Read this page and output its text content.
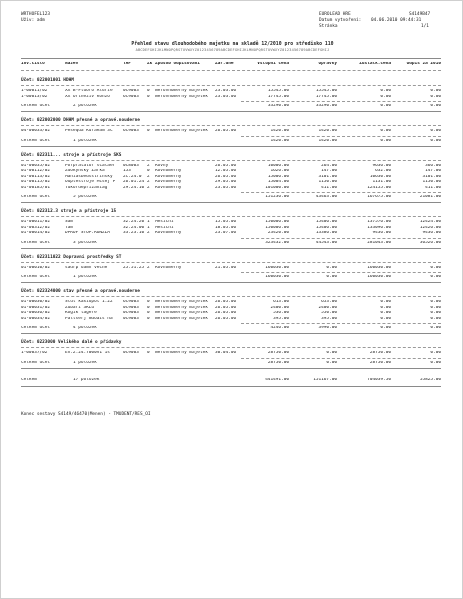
WRTHOFEL123
Uživ: adm
EUROLEAD HRE	S4149B47
Datum vytvoření: 04.06.2010 09:44:31
Stránka	1/1
Přehled stavu dlouhodobého majetku na skladě 12/2010 pro středisko 110
ABCDEFGHIJKLMNOPQRSTUVWXYZ0123456789ABCDEFGHIJKLMNOPQRSTUVWXYZ0123456789ABCDEFGHIJ
Inv.číslo	Název	TAP	Zk Způsob odpisování	Zař.dne	Vstupní cena	Oprávky	Zůstatk.cena	Odpis za 2010
Účet: 022001001 HDHM
1-00011/02	XX B-Fluoro Aldrie	0C9003	0	Nerovnoměrný majetek	23.03.06	15545.00	15545.00	0.00	0.00
1-00013/02	XX Ortheziv konzo	6C9003	0	Nerovnoměrný majetek	23.03.06	17745.00	17745.00	0.00	0.00
Celkem účet	2 položek	33290.00	33290.00	0.00	0.00
Účet: 022002000 DHHM přesné a opravé.nouderne
04-00033/02	Pesequa Kuraeam 3C	6C9003	0	Nerovnoměrný majetek	26.05.06	1420.00	1420.00	0.00	0.00
Celkem účet	1 položek	1420.00	1420.00	0.00	0.00
Účet: 022311... stroje a přístroje SKS
01-00035/02	Porpratator scalaer	0C8003	2	Rovný	26.05.06	10006.00	264.00	9636.00	366.00
01-00112/02	Zdokynský Zárka	153	0	Rovnoměrný	12.05.06	1626.00	147.00	632.00	147.00
01-00113/02	Maniasbedsstrinsky	2C.24.0	2	Rovnoměrný	26.05.06	15006.00	3101.00	10630.00	3101.00
01-00115/02	Ouplestroje Mcsej P	26.01.24 2	Rovnoměrný	29.05.06	15004.00	1150.00	1131.00	1150.00
01-00185/01	Tukordeprizaniag	29.24.10 2	Rovnoměrný	23.05.06	101000.00	411.00	124155.00	411.00
Celkem účet	5 položek	151236.00	43463.00	167675.00	21081.00
Účet: 022312.3 stroje a přístroje 15
01-00011/02	Sam	32.24.20 1	Měsíční	15.05.06	150006.00	15406.00	137576.00	12424.00
01-00312/02	Tam	32.24.00 1	Měsíční	18.05.06	150006.00	15406.00	133096.00	12426.00
01-00014/02	DPROF STOP.RUNZLA	33.23.10 2	Rovnoměrný	23.07.06	23420.00	13386.00	9436.00	9436.00
Celkem účet	3 položek	323432.00	44543.00	281043.00	36526.00
Účet: 022311022 Dopravní prostředky ST
01-00010/02	sádrp oamn věcne	25.51.25 2	Rovnoměrný	21.05.06	160030.00	0.00	160030.00	0.00
Celkem účet	1 položek	160030.00	0.00	160030.00	0.00
Účet: 022324000 stav přesné a opravé.nouderne
01-00030/02	Stůl kaxiopot 1.22	6C9003	0	Nerovnoměrný majetek	26.05.06	613.00	653.00	0.00	0.00
01-00031/02	Zubaři 3KLu	0C9003	0	Nerovnoměrný majetek	26.05.06	2400.00	2400.00	0.00	0.00
01-00036/02	Kogik lagere	0C9003	0	Nerovnoměrný majetek	26.05.06	536.00	550.00	0.00	0.00
01-00034/02	Pallserj mdoais na	0C9003	0	Nerovnoměrný majetek	26.05.06	395.00	395.00	0.00	0.00
Celkem účet	4 položek	4246.00	3990.00	0.00	0.00
Účet: 0223000 Velikého dalé o přídavky
1-00037/02	Eh.2.24.7000V1 1s	0C9003	0	Nerovnoměrný majetek	30.04.06	28750.00	0.00	28750.00	0.00
Celkem účet	1 položek	28750.00	0.00	28750.00	0.00
Celkem	17 položek	441491.00	151167.00	704039.50	55825.00
Konec sestavy S4149/46470(Menen) - TMUDENT/RES_OI
